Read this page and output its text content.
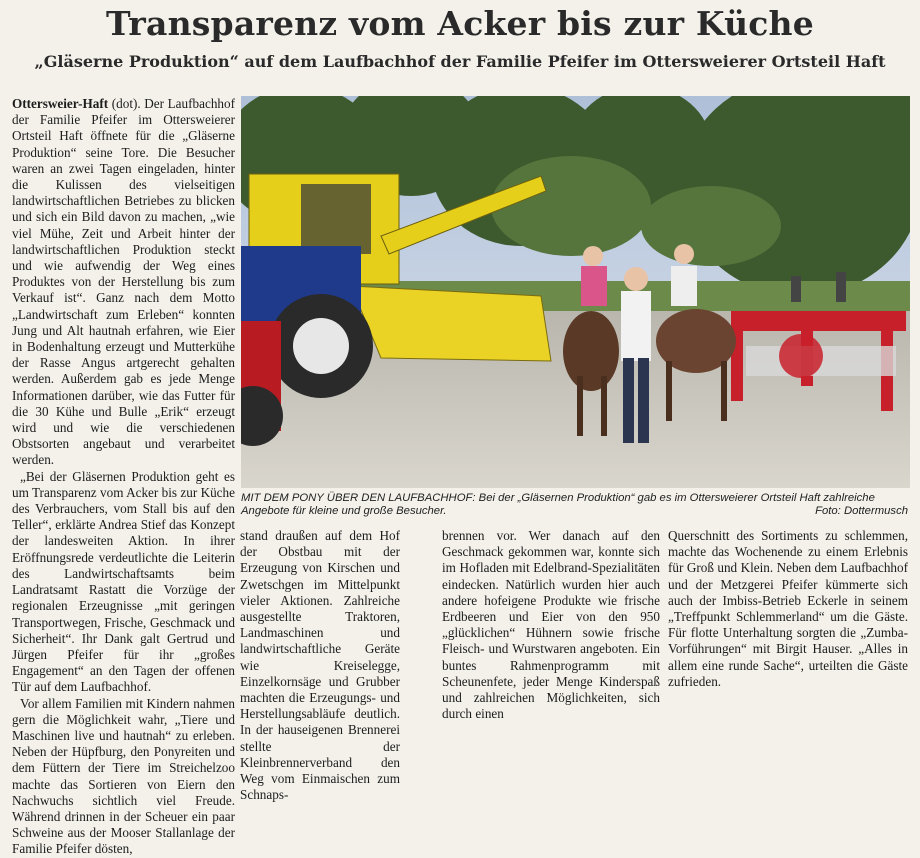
Transparenz vom Acker bis zur Küche
„Gläserne Produktion“ auf dem Laufbachhof der Familie Pfeifer im Ottersweierer Ortsteil Haft

Ottersweier-Haft (dot). Der Laufbachhof der Familie Pfeifer im Ottersweierer Ortsteil Haft öffnete für die „Gläserne Produktion“ seine Tore. Die Besucher waren an zwei Tagen eingeladen, hinter die Kulissen des vielseitigen landwirtschaftlichen Betriebes zu blicken und sich ein Bild davon zu machen, „wie viel Mühe, Zeit und Arbeit hinter der landwirtschaftlichen Produktion steckt und wie aufwendig der Weg eines Produktes von der Herstellung bis zum Verkauf ist“. Ganz nach dem Motto „Landwirtschaft zum Erleben“ konnten Jung und Alt hautnah erfahren, wie Eier in Bodenhaltung erzeugt und Mutterkühe der Rasse Angus artgerecht gehalten werden. Außerdem gab es jede Menge Informationen darüber, wie das Futter für die 30 Kühe und Bulle „Erik“ erzeugt wird und wie die verschiedenen Obstsorten angebaut und verarbeitet werden.

„Bei der Gläsernen Produktion geht es um Transparenz vom Acker bis zur Küche des Verbrauchers, vom Stall bis auf den Teller“, erklärte Andrea Stief das Konzept der landesweiten Aktion. In ihrer Eröffnungsrede verdeutlichte die Leiterin des Landwirtschaftsamts beim Landratsamt Rastatt die Vorzüge der regionalen Erzeugnisse „mit geringen Transportwegen, Frische, Geschmack und Sicherheit“. Ihr Dank galt Gertrud und Jürgen Pfeifer für ihr „großes Engagement“ an den Tagen der offenen Tür auf dem Laufbachhof.

Vor allem Familien mit Kindern nahmen gern die Möglichkeit wahr, „Tiere und Maschinen live und hautnah“ zu erleben. Neben der Hüpfburg, den Ponyreiten und dem Füttern der Tiere im Streichelzoo machte das Sortieren von Eiern den Nachwuchs sichtlich viel Freude. Während drinnen in der Scheuer ein paar Schweine aus der Mooser Stallanlage der Familie Pfeifer dösten,

MIT DEM PONY ÜBER DEN LAUFBACHHOF: Bei der „Gläsernen Produktion“ gab es im Ottersweierer Ortsteil Haft zahlreiche Angebote für kleine und große Besucher.	Foto: Dottermusch

stand draußen auf dem Hof der Obstbau mit der Erzeugung von Kirschen und Zwetschgen im Mittelpunkt vieler Aktionen. Zahlreiche ausgestellte Traktoren, Landmaschinen und landwirtschaftliche Geräte wie Kreiselegge, Einzelkornsäge und Grubber machten die Erzeugungs- und Herstellungsabläufe deutlich. In der hauseigenen Brennerei stellte der Kleinbrennerverband den Weg vom Einmaischen zum Schnaps-

brennen vor. Wer danach auf den Geschmack gekommen war, konnte sich im Hofladen mit Edelbrand-Spezialitäten eindecken. Natürlich wurden hier auch andere hofeigene Produkte wie frische Erdbeeren und Eier von den 950 „glücklichen“ Hühnern sowie frische Fleisch- und Wurstwaren angeboten. Ein buntes Rahmenprogramm mit Scheunenfete, jeder Menge Kinderspaß und zahlreichen Möglichkeiten, sich durch einen

Querschnitt des Sortiments zu schlemmen, machte das Wochenende zu einem Erlebnis für Groß und Klein. Neben dem Laufbachhof und der Metzgerei Pfeifer kümmerte sich auch der Imbiss-Betrieb Eckerle in seinem „Treffpunkt Schlemmerland“ um die Gäste. Für flotte Unterhaltung sorgten die „Zumba-Vorführungen“ mit Birgit Hauser. „Alles in allem eine runde Sache“, urteilten die Gäste zufrieden.
